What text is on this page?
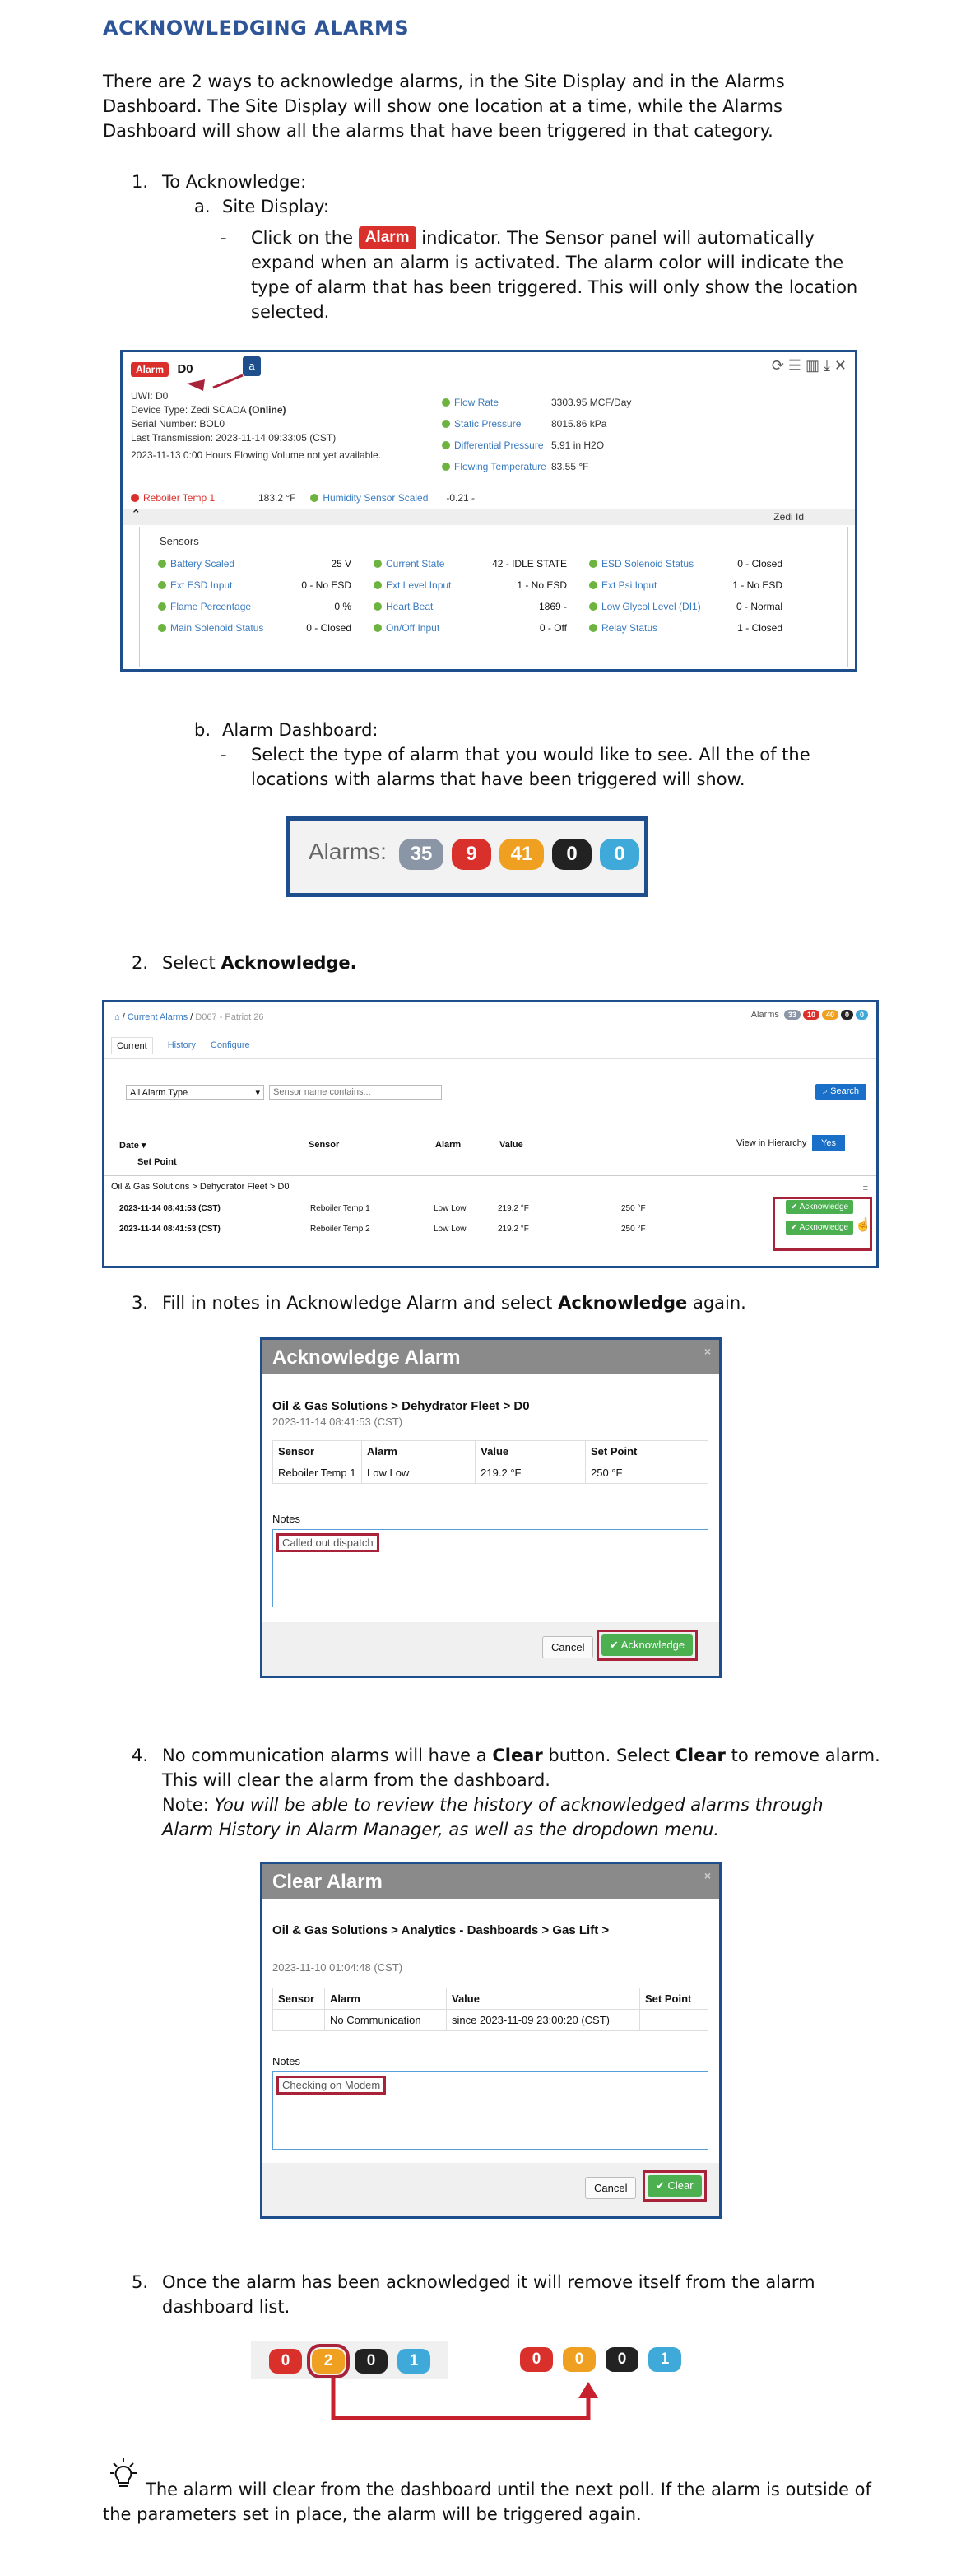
ACKNOWLEDGING ALARMS
There are 2 ways to acknowledge alarms, in the Site Display and in the Alarms Dashboard. The Site Display will show one location at a time, while the Alarms Dashboard will show all the alarms that have been triggered in that category.
1. To Acknowledge:
a. Site Display:
- Click on the Alarm indicator. The Sensor panel will automatically expand when an alarm is activated. The alarm color will indicate the type of alarm that has been triggered. This will only show the location selected.
Alarm D0	a	⟳ ☰ ▥ ⤓ ✕
UWI: D0
Device Type: Zedi SCADA (Online)
Serial Number: BOL0
Last Transmission: 2023-11-14 09:33:05 (CST)
2023-11-13 0:00 Hours Flowing Volume not yet available.
Flow Rate	3303.95 MCF/Day
Static Pressure	8015.86 kPa
Differential Pressure 5.91 in H2O
Flowing Temperature 83.55 °F
Reboiler Temp 1	183.2 °F	Humidity Sensor Scaled -0.21 -
⌃	Zedi Id
Sensors
Battery Scaled	25 V	Current State	42 - IDLE STATE	ESD Solenoid Status	0 - Closed
Ext ESD Input	0 - No ESD	Ext Level Input	1 - No ESD	Ext Psi Input	1 - No ESD
Flame Percentage	0 %	Heart Beat	1869 -	Low Glycol Level (DI1)	0 - Normal
Main Solenoid Status	0 - Closed	On/Off Input	0 - Off	Relay Status	1 - Closed
b. Alarm Dashboard:
- Select the type of alarm that you would like to see. All the of the locations with alarms that have been triggered will show.
Alarms:	35	9	41	0	0
2. Select Acknowledge.
⌂ / Current Alarms / D067 - Patriot 26	Alarms	33	10	40	0	0
Current	History Configure
All Alarm Type	▾
Sensor name contains...	⌕ Search
Date ▾	Sensor	Alarm	Value
Set Point
View in Hierarchy	Yes
Oil & Gas Solutions > Dehydrator Fleet > D0	≡
2023-11-14 08:41:53 (CST)	Reboiler Temp 1	Low Low	219.2 °F	250 °F	✔ Acknowledge
2023-11-14 08:41:53 (CST)	Reboiler Temp 2	Low Low	219.2 °F	250 °F	✔ Acknowledge ☝
3. Fill in notes in Acknowledge Alarm and select Acknowledge again.
Acknowledge Alarm	×
Oil & Gas Solutions > Dehydrator Fleet > D0
2023-11-14 08:41:53 (CST)
Sensor	Alarm	Value	Set Point
Reboiler Temp 1	Low Low	219.2 °F	250 °F
Notes
Called out dispatch
Cancel	✔ Acknowledge
4. No communication alarms will have a Clear button. Select Clear to remove alarm.
This will clear the alarm from the dashboard.
Note: You will be able to review the history of acknowledged alarms through Alarm History in Alarm Manager, as well as the dropdown menu.
Clear Alarm	×
Oil & Gas Solutions > Analytics - Dashboards > Gas Lift >
2023-11-10 01:04:48 (CST)
Sensor	Alarm	Value	Set Point
	No Communication	since 2023-11-09 23:00:20 (CST)	
Notes
Checking on Modem
Cancel	✔ Clear
5. Once the alarm has been acknowledged it will remove itself from the alarm dashboard list.
0	2	0	1	0	0	0	1
The alarm will clear from the dashboard until the next poll. If the alarm is outside of the parameters set in place, the alarm will be triggered again.
